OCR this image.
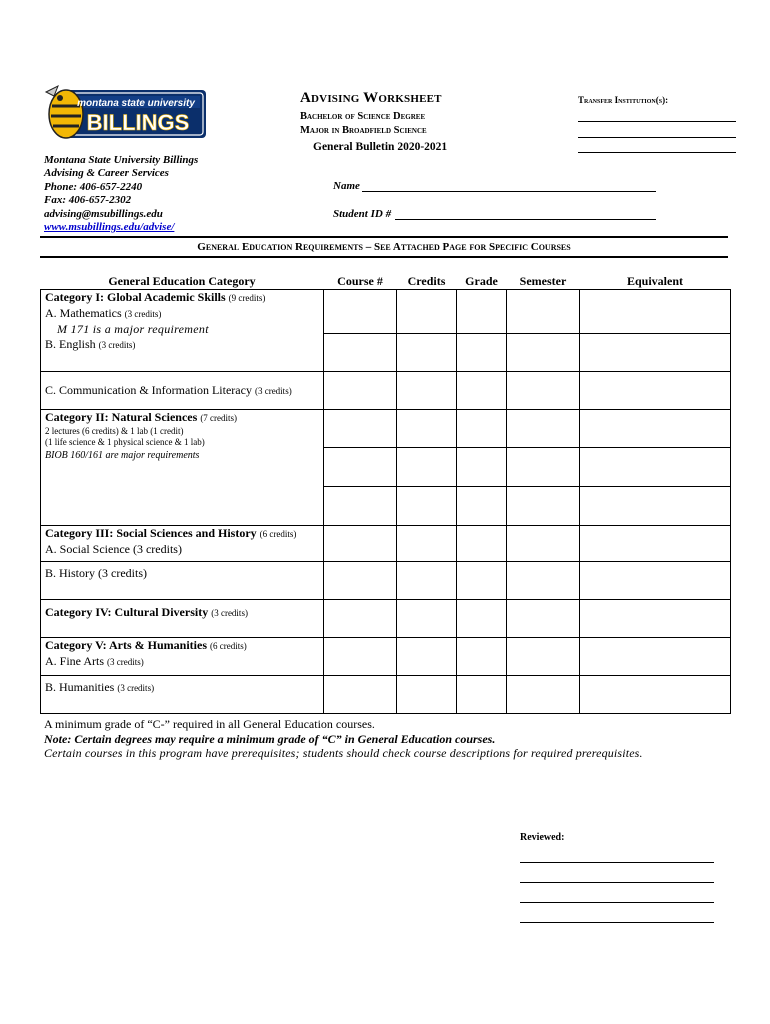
montana state university
BILLINGS
Montana State University Billings
Advising & Career Services
Phone: 406-657-2240
Fax: 406-657-2302
advising@msubillings.edu
www.msubillings.edu/advise/
Advising Worksheet
Bachelor of Science Degree
Major in Broadfield Science
General Bulletin 2020-2021
Transfer Institution(s):
Name
Student ID #
General Education Requirements – See Attached Page for Specific Courses
General Education Category	Course #	Credits	Grade	Semester	Equivalent

Category I: Global Academic Skills (9 credits)
A. Mathematics (3 credits)
M 171 is a major requirement
B. English (3 credits)					

C. Communication & Information Literacy (3 credits)					

Category II: Natural Sciences (7 credits)
2 lectures (6 credits) & 1 lab (1 credit)
(1 life science & 1 physical science & 1 lab)
BIOB 160/161 are major requirements					

Category III: Social Sciences and History (6 credits)
A. Social Science (3 credits)					

B. History (3 credits)					

Category IV: Cultural Diversity (3 credits)					

Category V: Arts & Humanities (6 credits)
A. Fine Arts (3 credits)					

B. Humanities (3 credits)					
A minimum grade of “C-” required in all General Education courses.
Note: Certain degrees may require a minimum grade of “C” in General Education courses.
Certain courses in this program have prerequisites; students should check course descriptions for required prerequisites.
Reviewed:
